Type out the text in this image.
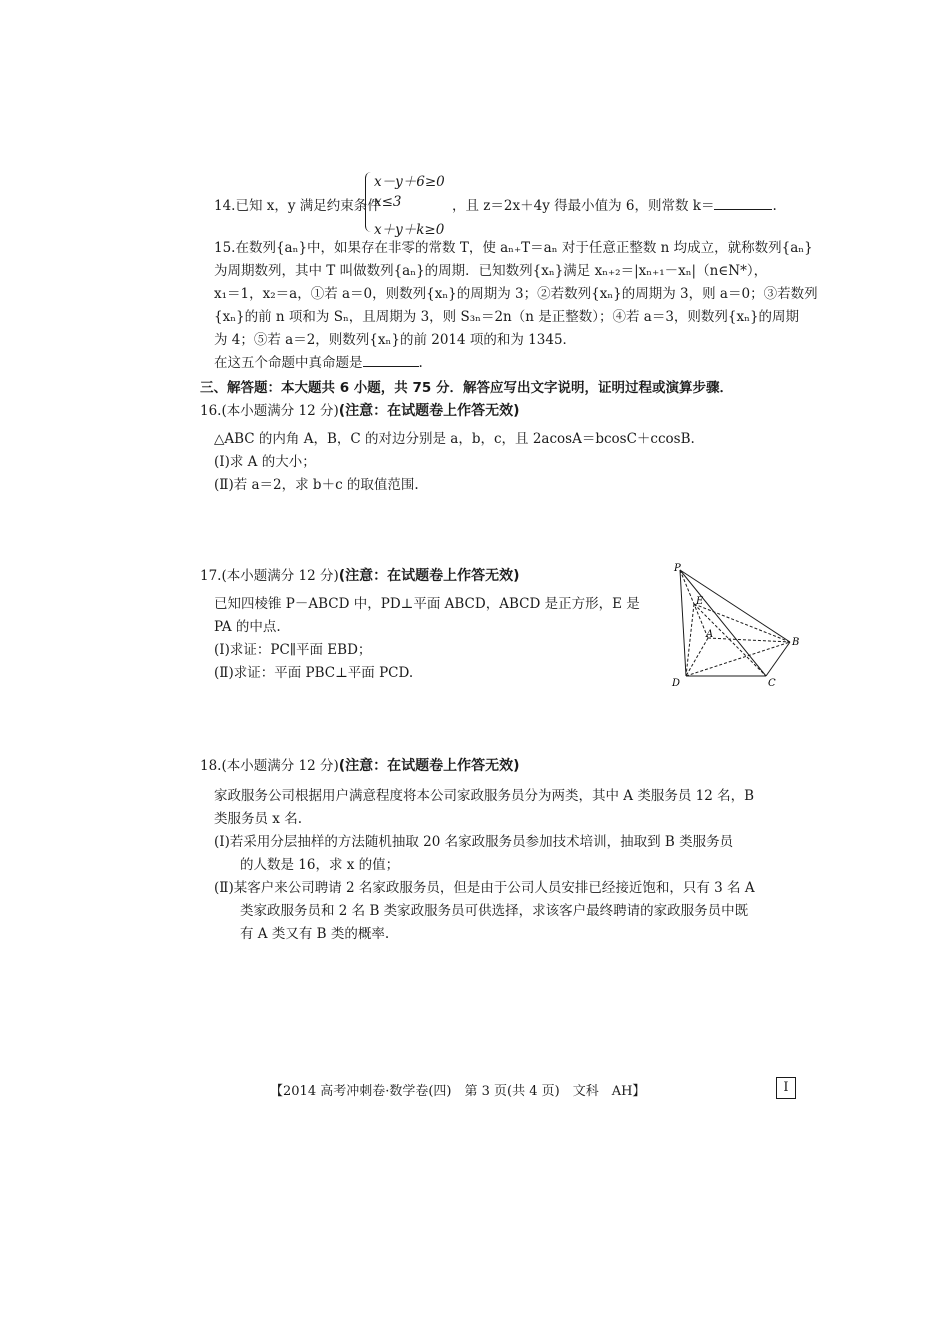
14.已知 x，y 满足约束条件
x－y＋6≥0
x≤3
x＋y＋k≥0
，且 z＝2x＋4y 得最小值为 6，则常数 k＝	.
15.在数列{aₙ}中，如果存在非零的常数 T，使 aₙ₊T＝aₙ 对于任意正整数 n 均成立，就称数列{aₙ}
为周期数列，其中 T 叫做数列{aₙ}的周期．已知数列{xₙ}满足 xₙ₊₂＝|xₙ₊₁－xₙ|（n∈N*），
x₁＝1，x₂＝a，①若 a＝0，则数列{xₙ}的周期为 3；②若数列{xₙ}的周期为 3，则 a＝0；③若数列
{xₙ}的前 n 项和为 Sₙ，且周期为 3，则 S₃ₙ＝2n（n 是正整数）；④若 a＝3，则数列{xₙ}的周期
为 4；⑤若 a＝2，则数列{xₙ}的前 2014 项的和为 1345．
在这五个命题中真命题是	.
三、解答题：本大题共 6 小题，共 75 分．解答应写出文字说明，证明过程或演算步骤．
16.(本小题满分 12 分)(注意：在试题卷上作答无效)
△ABC 的内角 A，B，C 的对边分别是 a，b，c，且 2acosA＝bcosC＋ccosB.
(Ⅰ)求 A 的大小；
(Ⅱ)若 a＝2，求 b＋c 的取值范围.
17.(本小题满分 12 分)(注意：在试题卷上作答无效)
已知四棱锥 P－ABCD 中，PD⊥平面 ABCD，ABCD 是正方形，E 是
PA 的中点.
(Ⅰ)求证：PC∥平面 EBD；
(Ⅱ)求证：平面 PBC⊥平面 PCD.
P
E
A
B
D	C
18.(本小题满分 12 分)(注意：在试题卷上作答无效)
家政服务公司根据用户满意程度将本公司家政服务员分为两类，其中 A 类服务员 12 名，B
类服务员 x 名.
(Ⅰ)若采用分层抽样的方法随机抽取 20 名家政服务员参加技术培训，抽取到 B 类服务员
的人数是 16，求 x 的值；
(Ⅱ)某客户来公司聘请 2 名家政服务员，但是由于公司人员安排已经接近饱和，只有 3 名 A
类家政服务员和 2 名 B 类家政服务员可供选择，求该客户最终聘请的家政服务员中既
有 A 类又有 B 类的概率.
【2014 高考冲刺卷·数学卷(四)　第 3 页(共 4 页)　文科　AH】	Ⅰ
